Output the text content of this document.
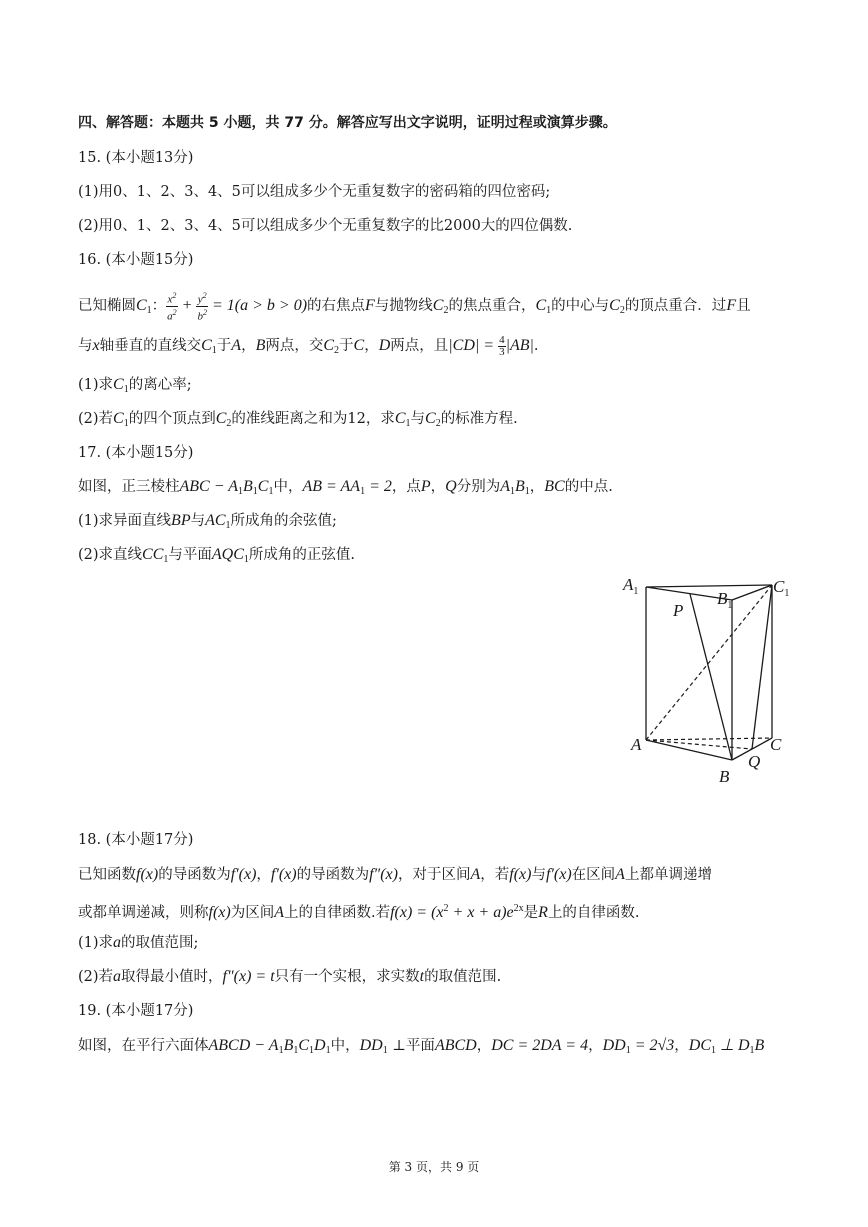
四、解答题：本题共 5 小题，共 77 分。解答应写出文字说明，证明过程或演算步骤。
15. (本小题13分)
(1)用0、1、2、3、4、5可以组成多少个无重复数字的密码箱的四位密码;
(2)用0、1、2、3、4、5可以组成多少个无重复数字的比2000大的四位偶数.
16. (本小题15分)
已知椭圆$C_1$： $\frac{x^2}{a^2} + \frac{y^2}{b^2} = 1(a > b > 0)$的右焦点F与抛物线$C_2$的焦点重合，$C_1$的中心与$C_2$的顶点重合．过F且
与x轴垂直的直线交$C_1$于A，B两点，交$C_2$于C，D两点，且$|CD| = \frac{4}{3} |AB|$.
(1)求$C_1$的离心率;
(2)若$C_1$的四个顶点到$C_2$的准线距离之和为12，求$C_1$与$C_2$的标准方程.
17. (本小题15分)
如图，正三棱柱ABC − $A_1B_1C_1$中，AB = $AA_1 = 2$，点P，Q分别为$A_1B_1$，BC的中点.
(1)求异面直线BP与$AC_1$所成角的余弦值;
(2)求直线$CC_1$与平面$AQC_1$所成角的正弦值.
$A_1$	$B_1$
$C_1$
P
A
B
C
Q
18. (本小题17分)
已知函数f(x)的导函数为f′(x)，f′(x)的导函数为f″(x)，对于区间A，若f(x)与f′(x)在区间A上都单调递增
或都单调递减，则称f(x)为区间A上的自律函数.若$f(x) = (x^2 + x + a)e^{2x}$是R上的自律函数.
(1)求a的取值范围;
(2)若a取得最小值时，f″(x) = t只有一个实根，求实数t的取值范围.
19. (本小题17分)
如图，在平行六面体ABCD − $A_1B_1C_1D_1$中，$DD_1$ ⊥平面ABCD，DC = 2DA = 4，$DD_1 = 2√3$，$DC_1$ ⊥ $D_1B$
第 3 页，共 9 页
